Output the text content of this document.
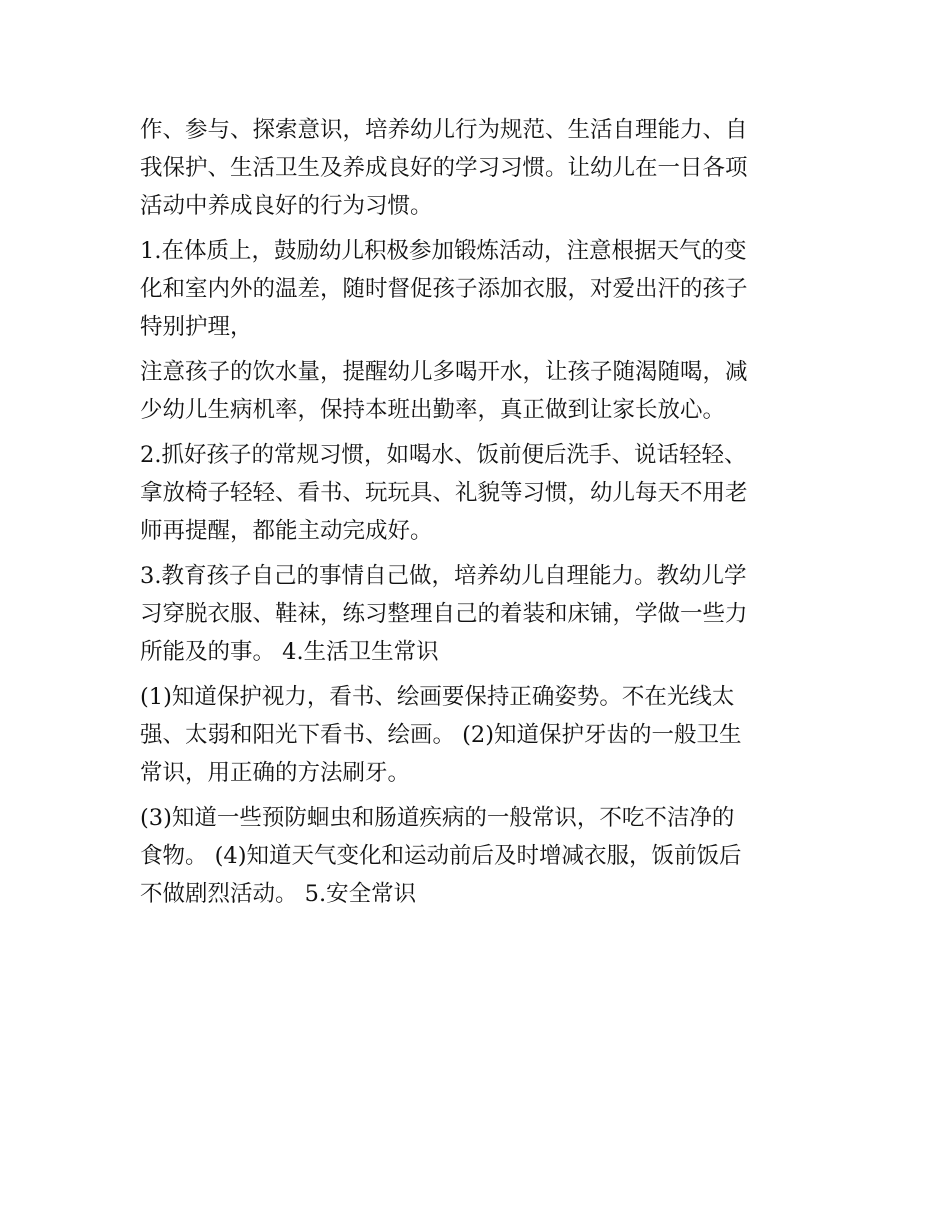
作、参与、探索意识，培养幼儿行为规范、生活自理能力、自
我保护、生活卫生及养成良好的学习习惯。让幼儿在一日各项
活动中养成良好的行为习惯。

1.在体质上，鼓励幼儿积极参加锻炼活动，注意根据天气的变
化和室内外的温差，随时督促孩子添加衣服，对爱出汗的孩子
特别护理，

注意孩子的饮水量，提醒幼儿多喝开水，让孩子随渴随喝，减
少幼儿生病机率，保持本班出勤率，真正做到让家长放心。

2.抓好孩子的常规习惯，如喝水、饭前便后洗手、说话轻轻、
拿放椅子轻轻、看书、玩玩具、礼貌等习惯，幼儿每天不用老
师再提醒，都能主动完成好。

3.教育孩子自己的事情自己做，培养幼儿自理能力。教幼儿学
习穿脱衣服、鞋袜，练习整理自己的着装和床铺，学做一些力
所能及的事。 4.生活卫生常识

(1)知道保护视力，看书、绘画要保持正确姿势。不在光线太
强、太弱和阳光下看书、绘画。 (2)知道保护牙齿的一般卫生
常识，用正确的方法刷牙。

(3)知道一些预防蛔虫和肠道疾病的一般常识，不吃不洁净的
食物。 (4)知道天气变化和运动前后及时增减衣服，饭前饭后
不做剧烈活动。 5.安全常识
